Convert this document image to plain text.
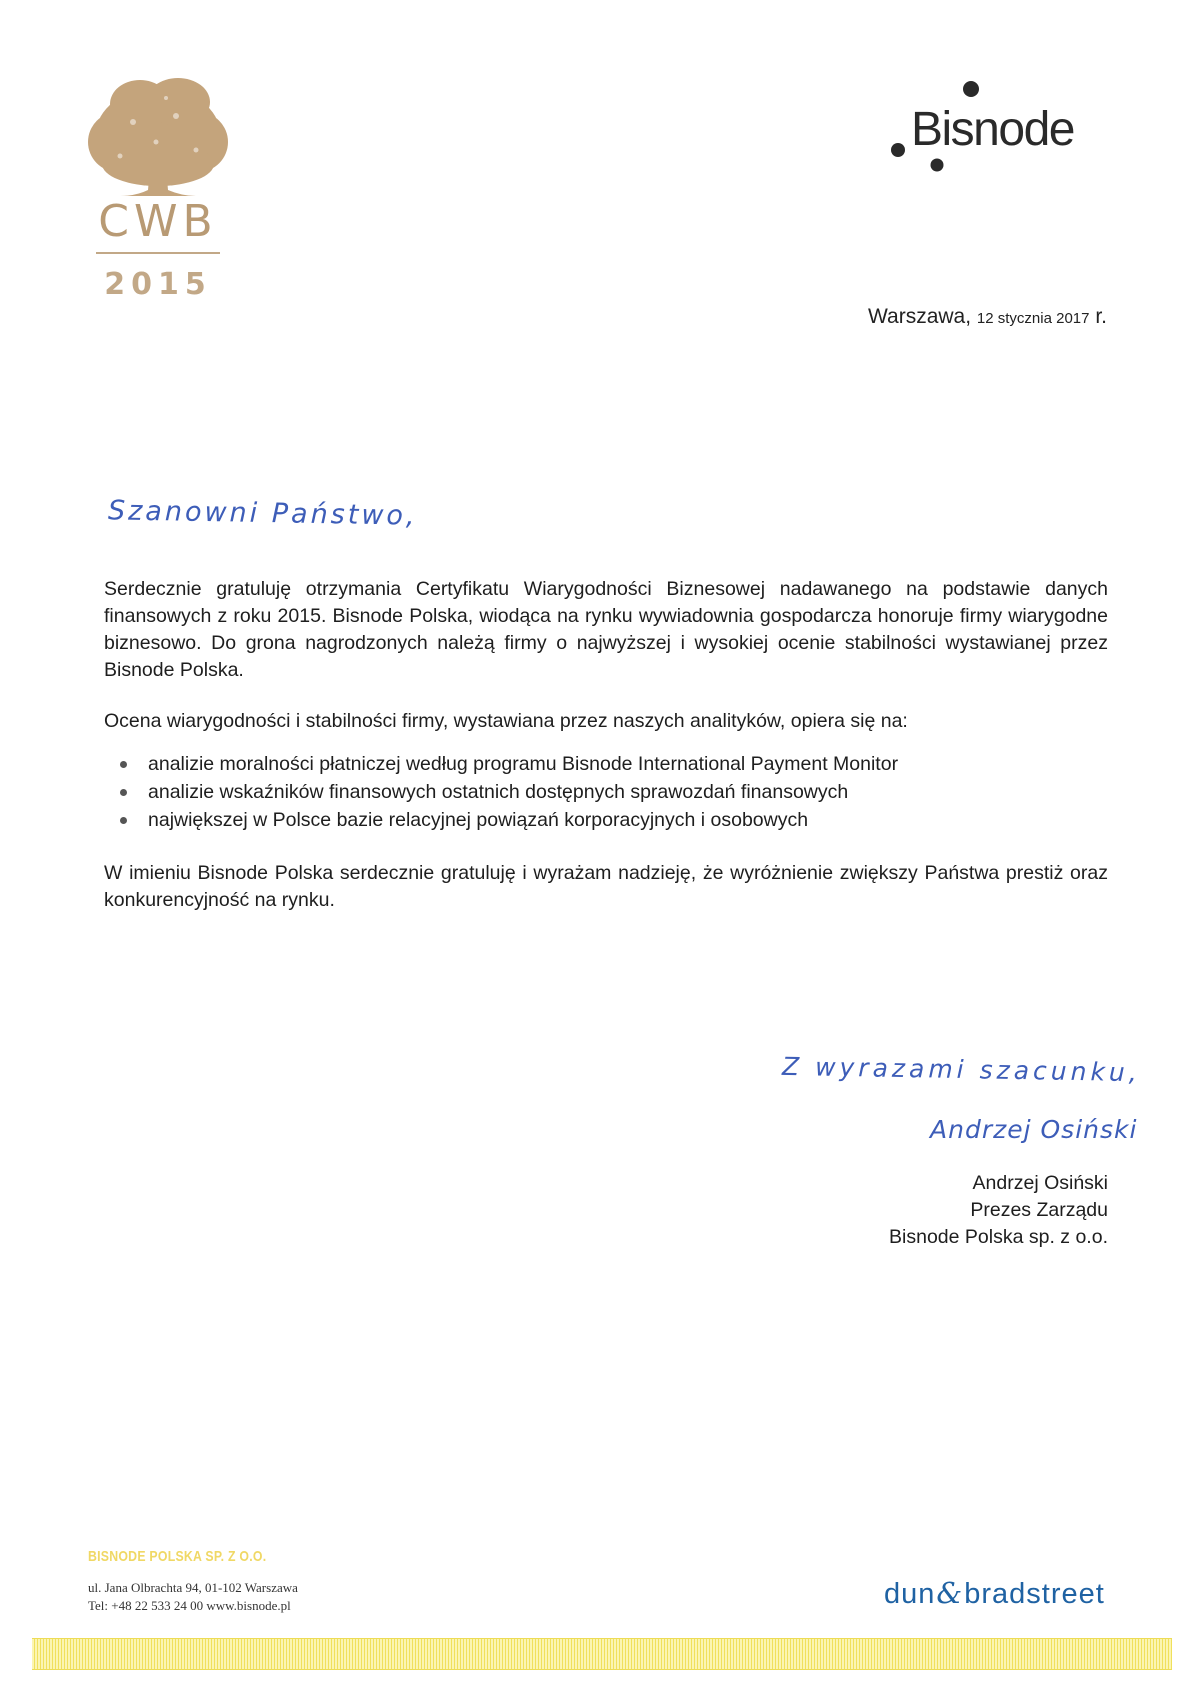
CWB
2015
Bisnode
Warszawa, 12 stycznia 2017 r.
Szanowni Państwo,

Serdecznie gratuluję otrzymania Certyfikatu Wiarygodności Biznesowej nadawanego na podstawie danych finansowych z roku 2015. Bisnode Polska, wiodąca na rynku wywiadownia gospodarcza honoruje firmy wiarygodne biznesowo. Do grona nagrodzonych należą firmy o najwyższej i wysokiej ocenie stabilności wystawianej przez Bisnode Polska.

Ocena wiarygodności i stabilności firmy, wystawiana przez naszych analityków, opiera się na:

analizie moralności płatniczej według programu Bisnode International Payment Monitor
analizie wskaźników finansowych ostatnich dostępnych sprawozdań finansowych
największej w Polsce bazie relacyjnej powiązań korporacyjnych i osobowych

W imieniu Bisnode Polska serdecznie gratuluję i wyrażam nadzieję, że wyróżnienie zwiększy Państwa prestiż oraz konkurencyjność na rynku.

Z wyrazami szacunku,
Andrzej Osiński
Andrzej Osiński
Prezes Zarządu
Bisnode Polska sp. z o.o.
BISNODE POLSKA SP. Z O.O.
ul. Jana Olbrachta 94, 01-102 Warszawa
Tel: +48 22 533 24 00 www.bisnode.pl	dun&bradstreet
